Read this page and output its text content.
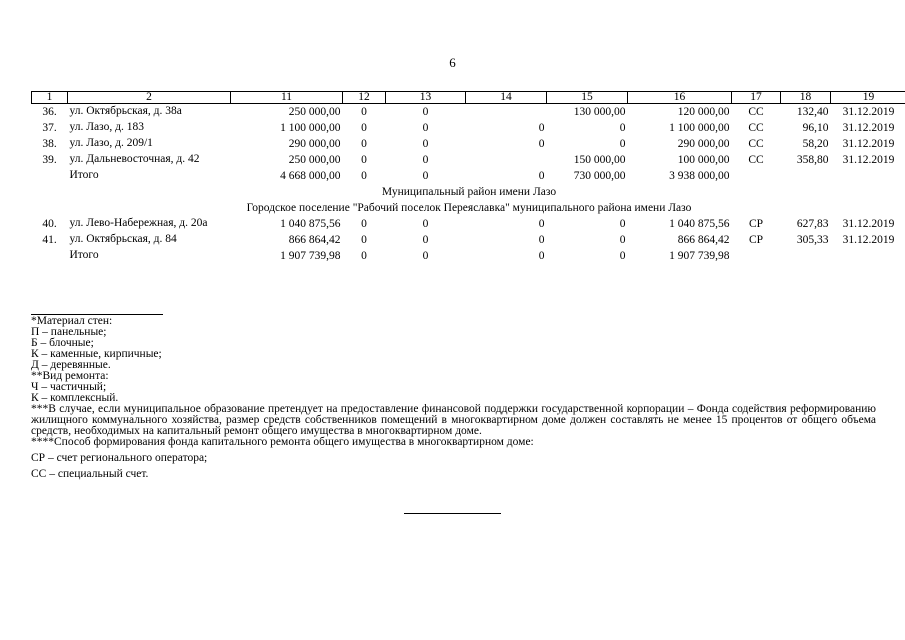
6
1	2	11	12	13	14	15	16	17	18	19
36.	ул. Октябрьская, д. 38а	250 000,00	0	0		130 000,00	120 000,00	СС	132,40	31.12.2019
37.	ул. Лазо, д. 183	1 100 000,00	0	0	0	0	1 100 000,00	СС	96,10	31.12.2019
38.	ул. Лазо, д. 209/1	290 000,00	0	0	0	0	290 000,00	СС	58,20	31.12.2019
39.	ул. Дальневосточная, д. 42	250 000,00	0	0		150 000,00	100 000,00	СС	358,80	31.12.2019
	Итого	4 668 000,00	0	0	0	730 000,00	3 938 000,00			
Муниципальный район имени Лазо										
Городское поселение "Рабочий поселок Переяславка" муниципального района имени Лазо										
40.	ул. Лево-Набережная, д. 20а	1 040 875,56	0	0	0	0	1 040 875,56	СР	627,83	31.12.2019
41.	ул. Октябрьская, д. 84	866 864,42	0	0	0	0	866 864,42	СР	305,33	31.12.2019
	Итого	1 907 739,98	0	0	0	0	1 907 739,98			

*Материал стен:

П – панельные;

Б – блочные;

К – каменные, кирпичные;

Д – деревянные.

**Вид ремонта:

Ч – частичный;

К – комплексный.

***В случае, если муниципальное образование претендует на предоставление финансовой поддержки государственной корпорации – Фонда содействия реформированию жилищного коммунального хозяйства, размер средств собственников помещений в многоквартирном доме должен составлять не менее 15 процентов от общего объема средств, необходимых на капитальный ремонт общего имущества в многоквартирном доме.

****Способ формирования фонда капитального ремонта общего имущества в многоквартирном доме:

СР – счет регионального оператора;

СС – специальный счет.
